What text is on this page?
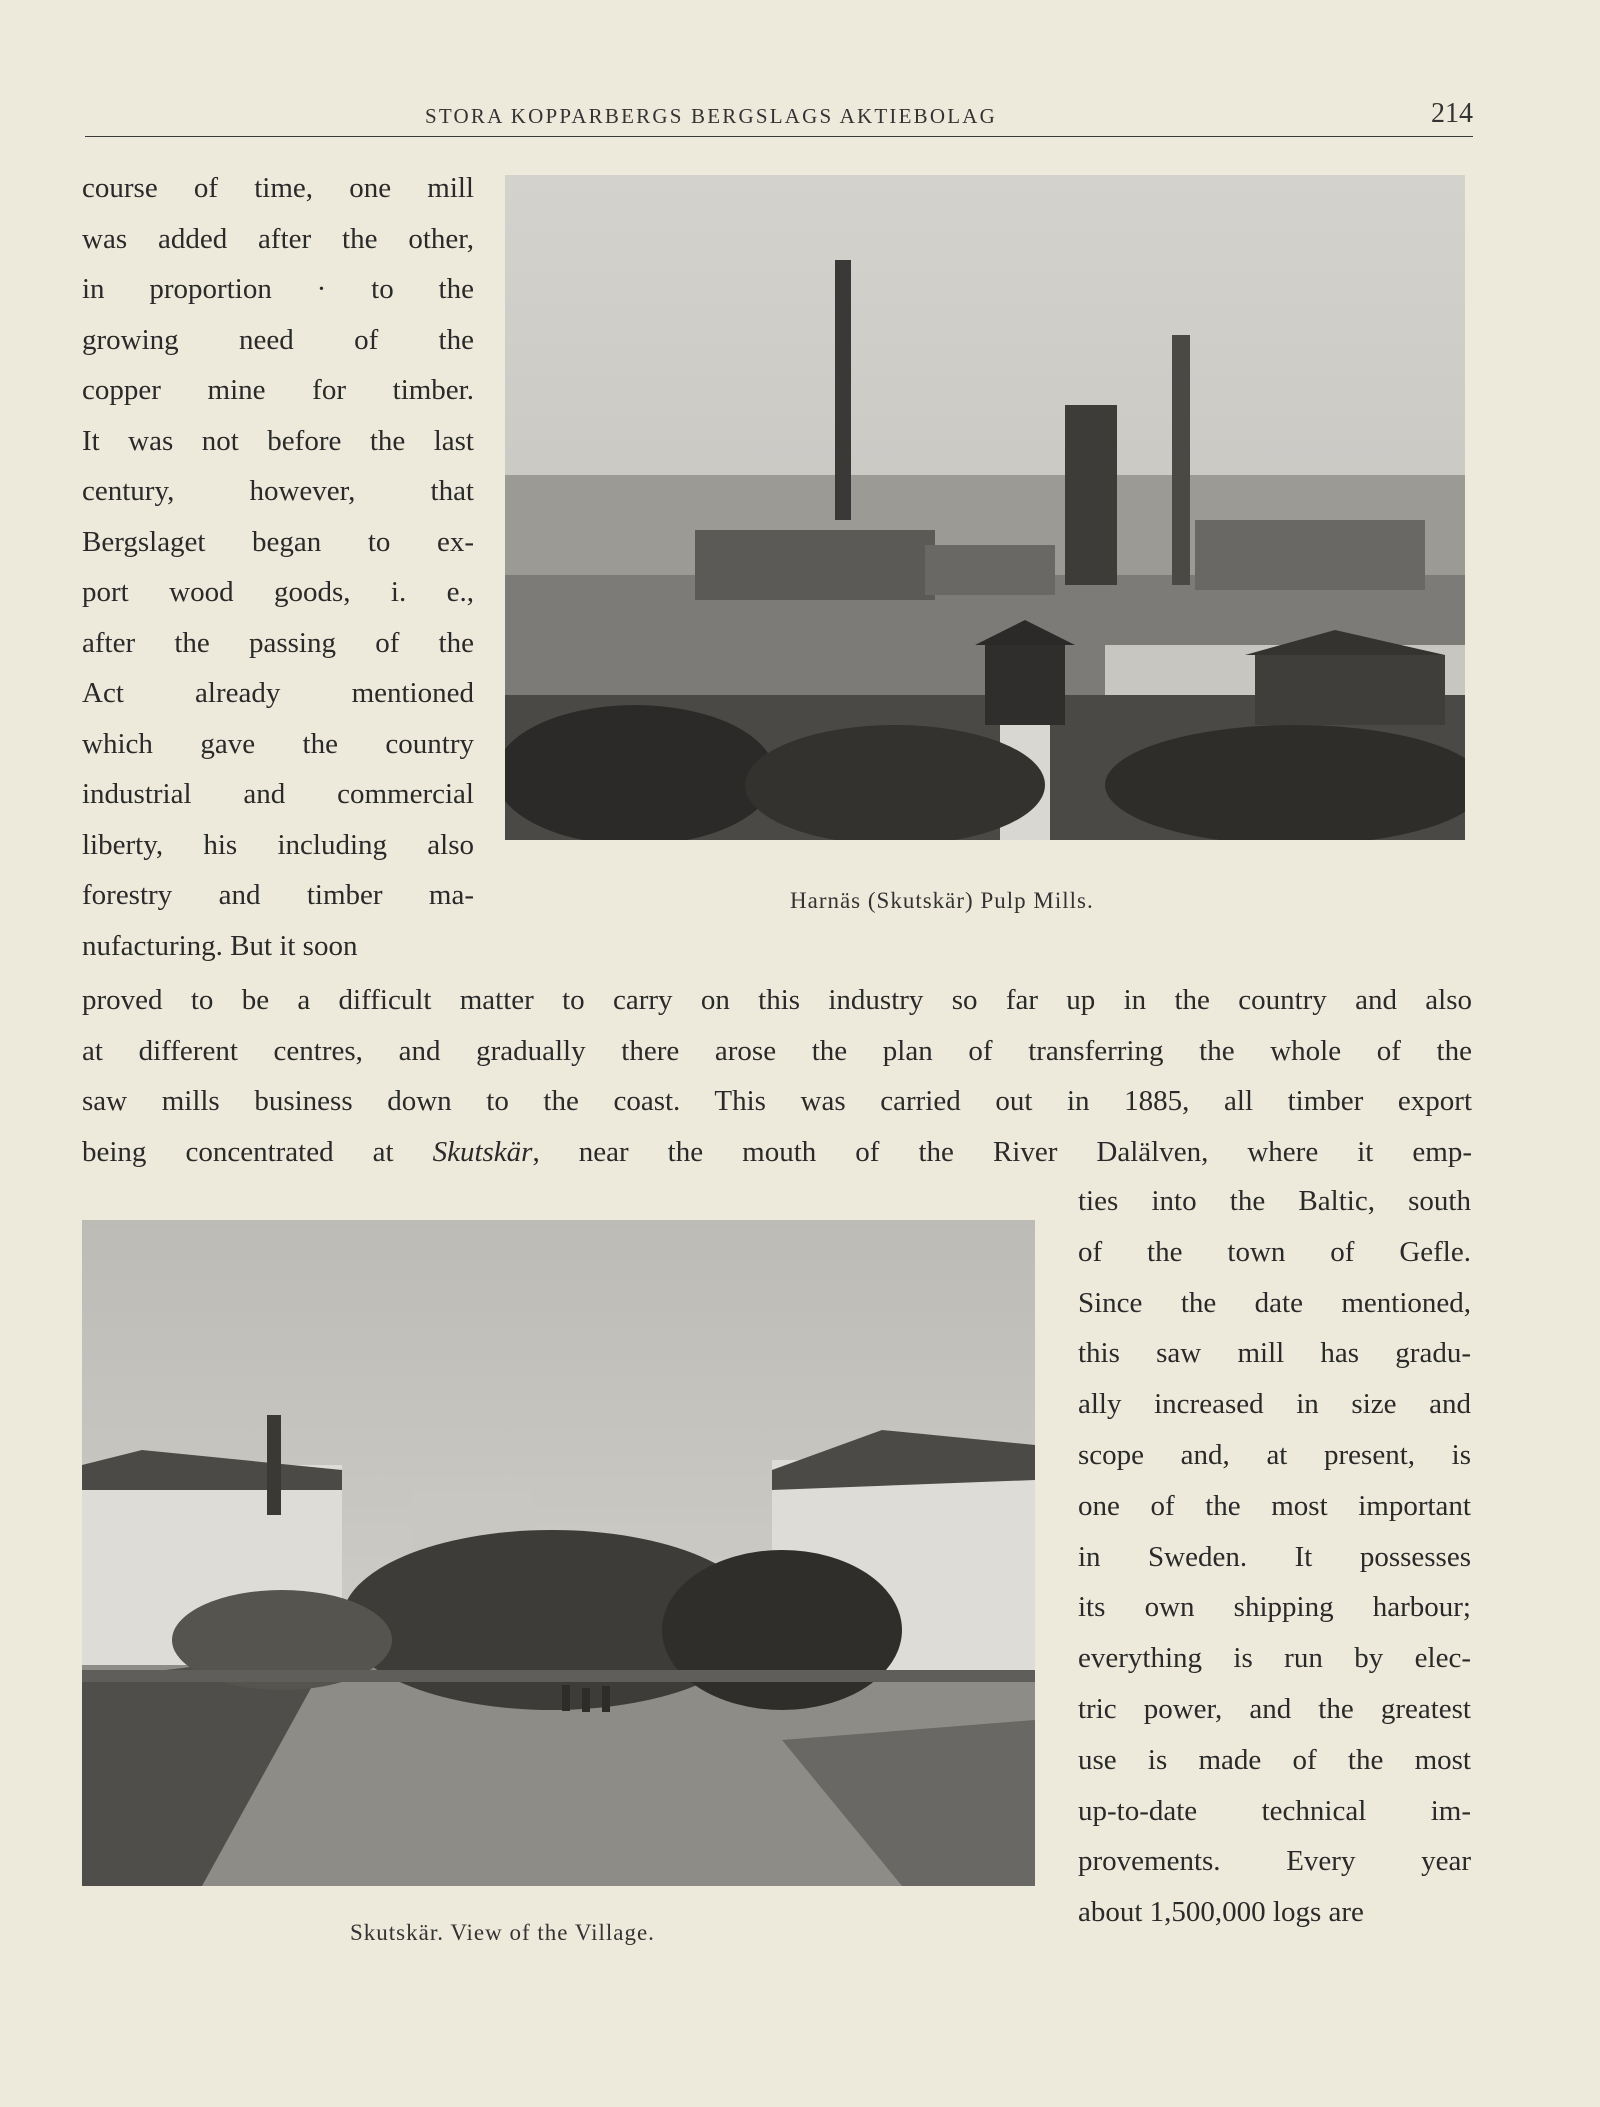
STORA KOPPARBERGS BERGSLAGS AKTIEBOLAG	214
course of time, one mill
was added after the other,
in proportion · to the
growing need of the
copper mine for timber.
It was not before the last
century, however, that
Bergslaget began to ex-
port wood goods, i. e.,
after the passing of the
Act already mentioned
which gave the country
industrial and commercial
liberty, his including also
forestry and timber ma-
nufacturing. But it soon
Harnäs (Skutskär) Pulp Mills.
proved to be a difficult matter to carry on this industry so far up in the country and also
at different centres, and gradually there arose the plan of transferring the whole of the
saw mills business down to the coast. This was carried out in 1885, all timber export
being concentrated at Skutskär, near the mouth of the River Dalälven, where it emp-
Skutskär. View of the Village.
ties into the Baltic, south
of the town of Gefle.
Since the date mentioned,
this saw mill has gradu-
ally increased in size and
scope and, at present, is
one of the most important
in Sweden. It possesses
its own shipping harbour;
everything is run by elec-
tric power, and the greatest
use is made of the most
up-to-date technical im-
provements. Every year
about 1,500,000 logs are
